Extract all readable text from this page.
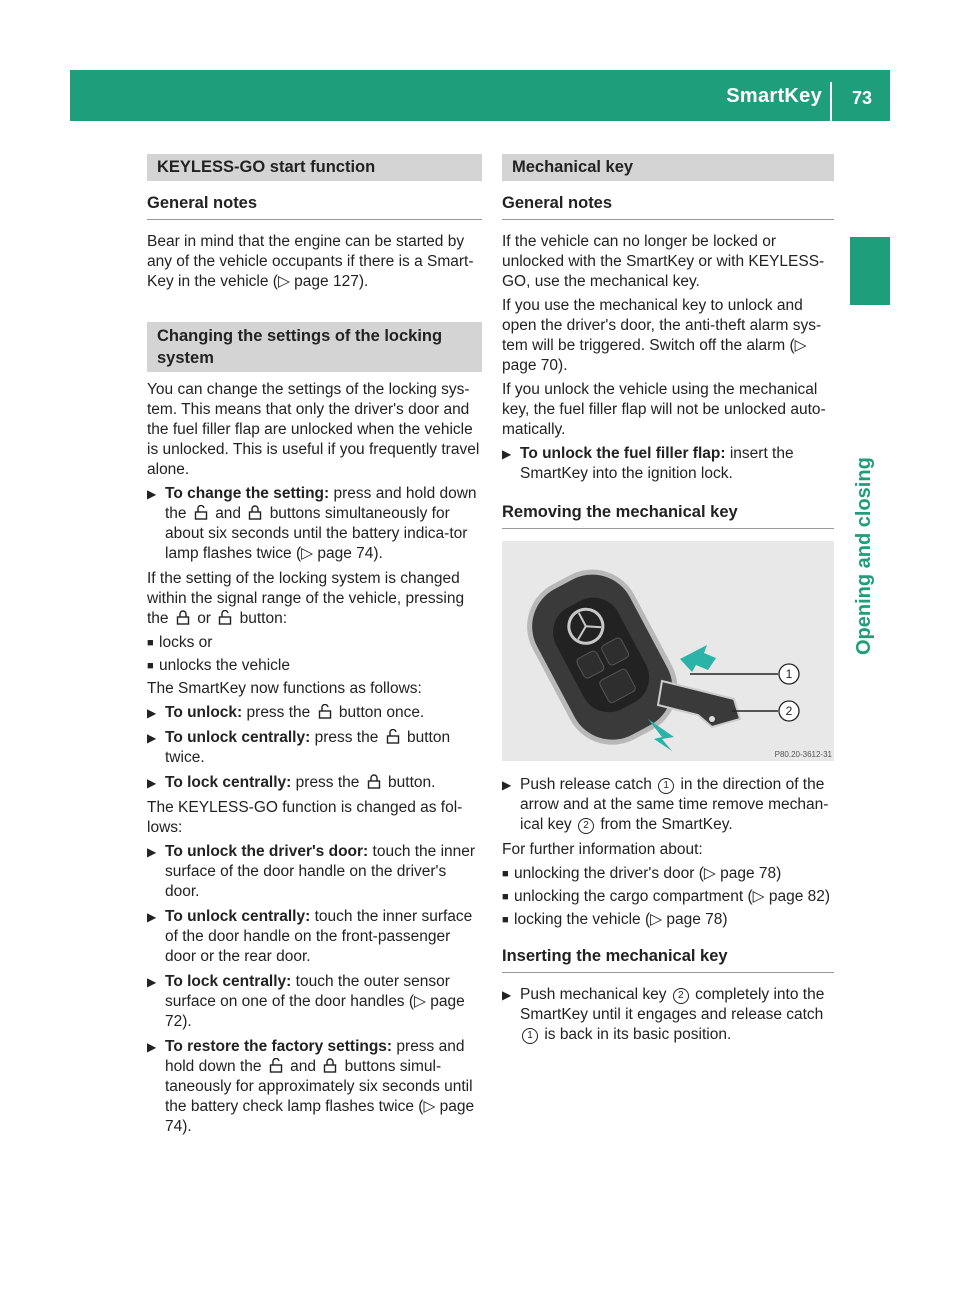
SmartKey 73
Opening and closing
KEYLESS-GO start function
General notes

Bear in mind that the engine can be started by any of the vehicle occupants if there is a Smart-Key in the vehicle (▷ page 127).

Changing the settings of the locking system

You can change the settings of the locking sys-tem. This means that only the driver's door and the fuel filler flap are unlocked when the vehicle is unlocked. This is useful if you frequently travel alone.

▶ To change the setting: press and hold down the and buttons simultaneously for about six seconds until the battery indica-tor lamp flashes twice (▷ page 74).

If the setting of the locking system is changed within the signal range of the vehicle, pressing the or button:

■ locks or
■ unlocks the vehicle

The SmartKey now functions as follows:

▶ To unlock: press the button once.
▶ To unlock centrally: press the button twice.
▶ To lock centrally: press the button.

The KEYLESS-GO function is changed as fol-lows:

▶ To unlock the driver's door: touch the inner surface of the door handle on the driver's door.
▶ To unlock centrally: touch the inner surface of the door handle on the front-passenger door or the rear door.
▶ To lock centrally: touch the outer sensor surface on one of the door handles (▷ page 72).
▶ To restore the factory settings: press and hold down the and buttons simul-taneously for approximately six seconds until the battery check lamp flashes twice (▷ page 74).
Mechanical key
General notes

If the vehicle can no longer be locked or unlocked with the SmartKey or with KEYLESS-GO, use the mechanical key.

If you use the mechanical key to unlock and open the driver's door, the anti-theft alarm sys-tem will be triggered. Switch off the alarm (▷ page 70).

If you unlock the vehicle using the mechanical key, the fuel filler flap will not be unlocked auto-matically.

▶ To unlock the fuel filler flap: insert the SmartKey into the ignition lock.
Removing the mechanical key
1
2
P80.20-3612-31
▶ Push release catch 1 in the direction of the arrow and at the same time remove mechan-ical key 2 from the SmartKey.

For further information about:

■ unlocking the driver's door (▷ page 78)
■ unlocking the cargo compartment (▷ page 82)
■ locking the vehicle (▷ page 78)
Inserting the mechanical key
▶ Push mechanical key 2 completely into the SmartKey until it engages and release catch 1 is back in its basic position.
